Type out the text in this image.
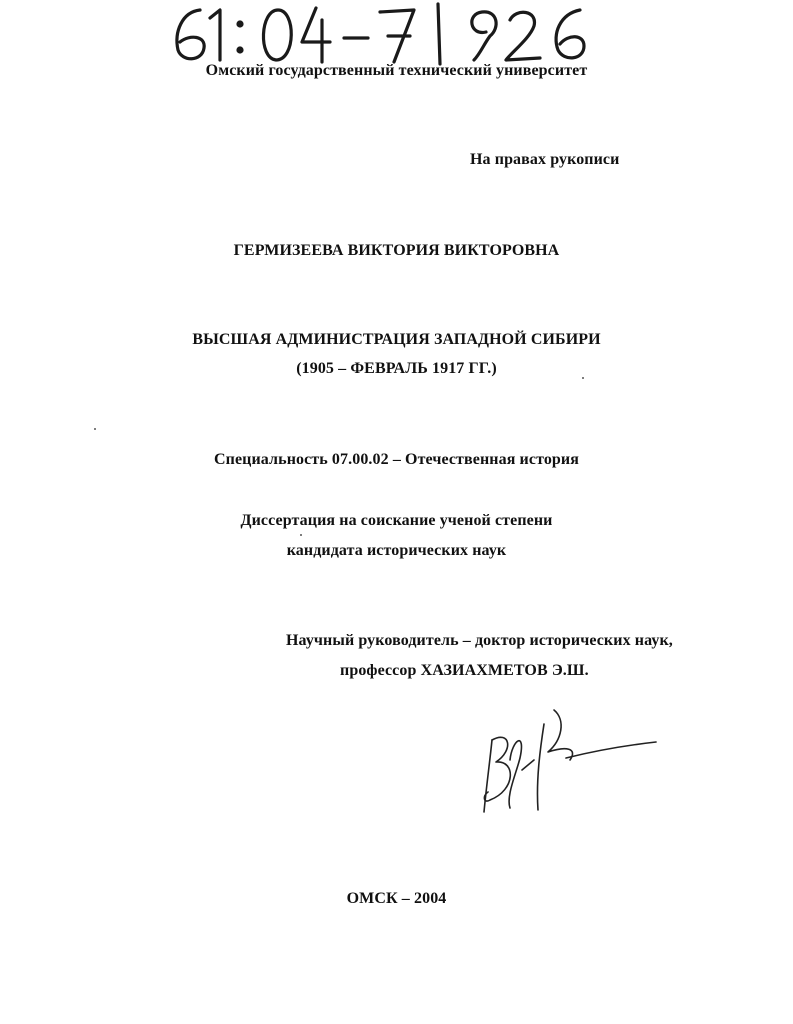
Омский государственный технический университет
На правах рукописи
ГЕРМИЗЕЕВА ВИКТОРИЯ ВИКТОРОВНА
ВЫСШАЯ АДМИНИСТРАЦИЯ ЗАПАДНОЙ СИБИРИ
(1905 – ФЕВРАЛЬ 1917 ГГ.)
Специальность 07.00.02 – Отечественная история
Диссертация на соискание ученой степени
кандидата исторических наук
Научный руководитель – доктор исторических наук,
профессор ХАЗИАХМЕТОВ Э.Ш.
ОМСК – 2004
